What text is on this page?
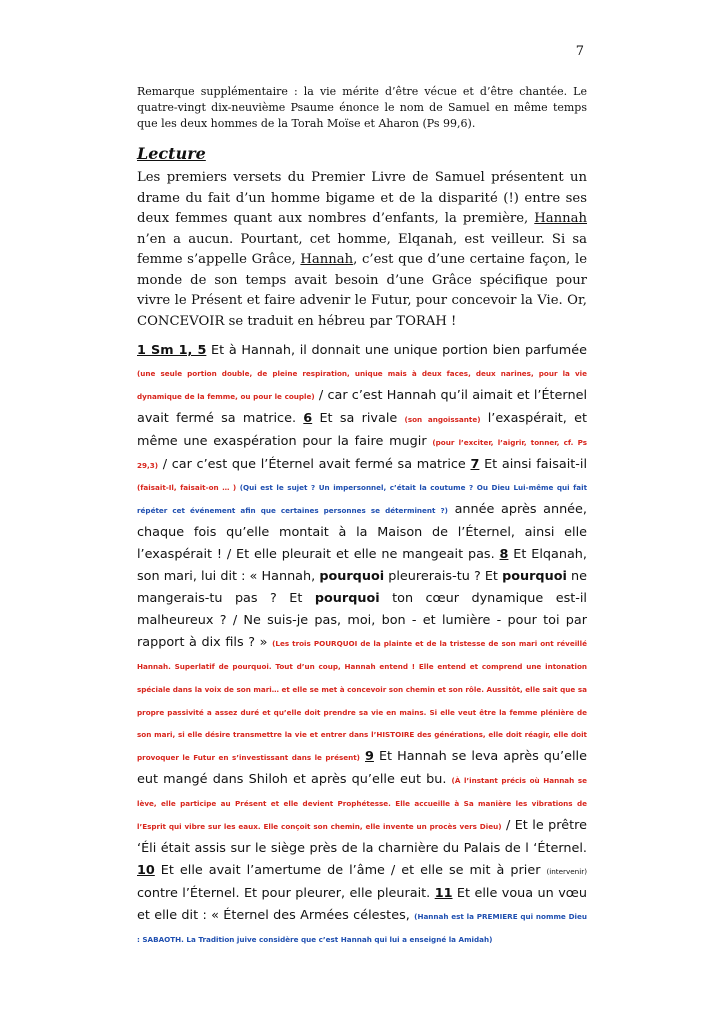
7
Remarque supplémentaire : la vie mérite d’être vécue et d’être chantée. Le quatre-vingt dix-neuvième Psaume énonce le nom de Samuel en même temps que les deux hommes de la Torah Moïse et Aharon (Ps 99,6).
Lecture
Les premiers versets du Premier Livre de Samuel présentent un drame du fait d’un homme bigame et de la disparité (!) entre ses deux femmes quant aux nombres d’enfants, la première, Hannah n’en a aucun. Pourtant, cet homme, Elqanah, est veilleur. Si sa femme s’appelle Grâce, Hannah, c’est que d’une certaine façon, le monde de son temps avait besoin d’une Grâce spécifique pour vivre le Présent et faire advenir le Futur, pour concevoir la Vie. Or, CONCEVOIR se traduit en hébreu par TORAH !
1 Sm 1, 5 Et à Hannah, il donnait une unique portion bien parfumée (une seule portion double, de pleine respiration, unique mais à deux faces, deux narines, pour la vie dynamique de la femme, ou pour le couple) / car c’est Hannah qu’il aimait et l’Éternel avait fermé sa matrice. 6 Et sa rivale (son angoissante) l’exaspérait, et même une exaspération pour la faire mugir (pour l’exciter, l’aigrir, tonner, cf. Ps 29,3) / car c’est que l’Éternel avait fermé sa matrice 7 Et ainsi faisait-il (faisait-Il, faisait-on … ) (Qui est le sujet ? Un impersonnel, c’était la coutume ? Ou Dieu Lui-même qui fait répéter cet événement afin que certaines personnes se déterminent ?) année après année, chaque fois qu’elle montait à la Maison de l’Éternel, ainsi elle l’exaspérait ! / Et elle pleurait et elle ne mangeait pas. 8 Et Elqanah, son mari, lui dit : « Hannah, pourquoi pleurerais-tu ? Et pourquoi ne mangerais-tu pas ? Et pourquoi ton cœur dynamique est-il malheureux ? / Ne suis-je pas, moi, bon - et lumière - pour toi par rapport à dix fils ? » (Les trois POURQUOI de la plainte et de la tristesse de son mari ont réveillé Hannah. Superlatif de pourquoi. Tout d’un coup, Hannah entend ! Elle entend et comprend une intonation spéciale dans la voix de son mari… et elle se met à concevoir son chemin et son rôle. Aussitôt, elle sait que sa propre passivité a assez duré et qu’elle doit prendre sa vie en mains. Si elle veut être la femme plénière de son mari, si elle désire transmettre la vie et entrer dans l’HISTOIRE des générations, elle doit réagir, elle doit provoquer le Futur en s’investissant dans le présent) 9 Et Hannah se leva après qu’elle eut mangé dans Shiloh et après qu’elle eut bu. (À l’instant précis où Hannah se lève, elle participe au Présent et elle devient Prophétesse. Elle accueille à Sa manière les vibrations de l’Esprit qui vibre sur les eaux. Elle conçoit son chemin, elle invente un procès vers Dieu) / Et le prêtre ‘Éli était assis sur le siège près de la charnière du Palais de l ‘Éternel. 10 Et elle avait l’amertume de l’âme / et elle se mit à prier (intervenir) contre l’Éternel. Et pour pleurer, elle pleurait. 11 Et elle voua un vœu et elle dit : « Éternel des Armées célestes, (Hannah est la PREMIERE qui nomme Dieu : SABAOTH. La Tradition juive considère que c’est Hannah qui lui a enseigné la Amidah)
